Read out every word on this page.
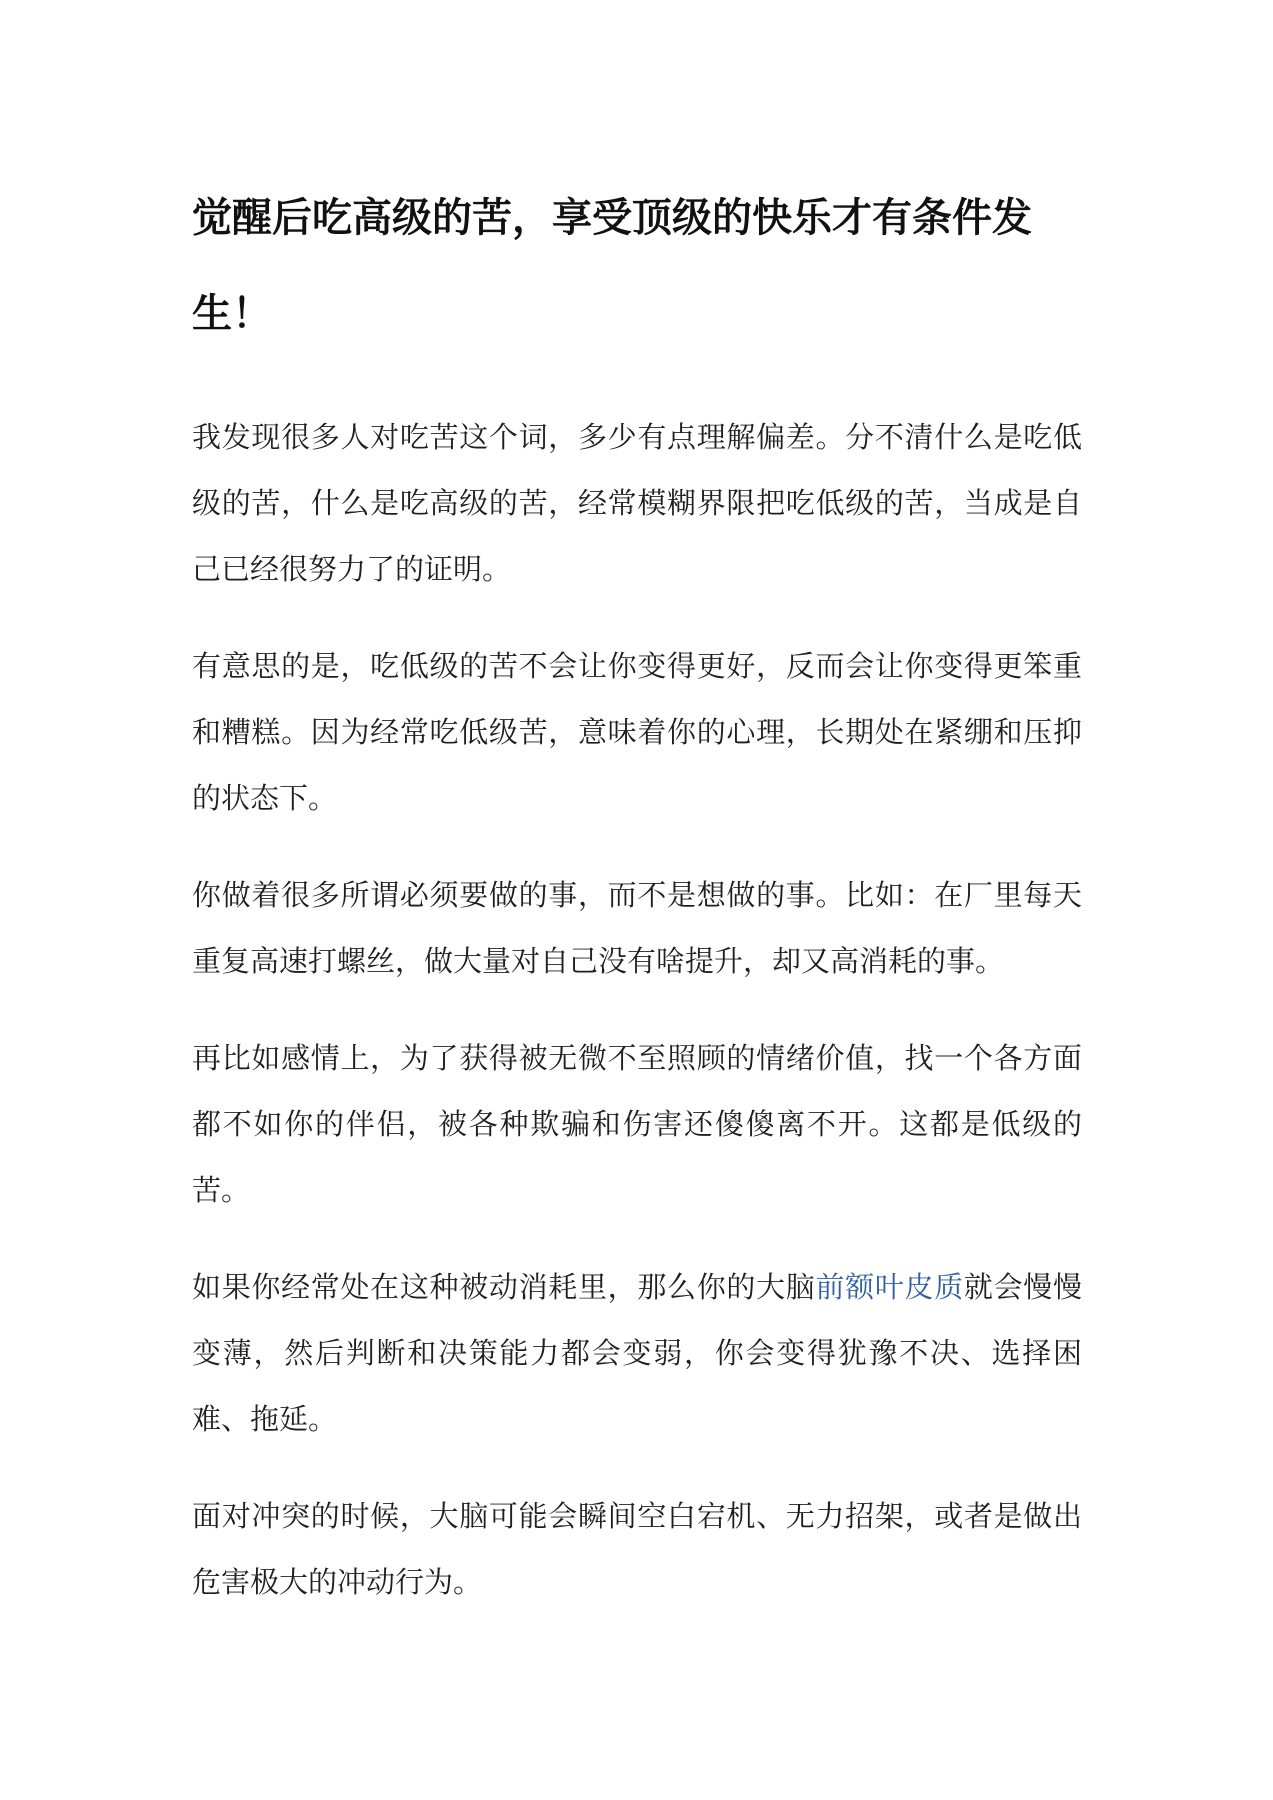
觉醒后吃高级的苦，享受顶级的快乐才有条件发生！

我发现很多人对吃苦这个词，多少有点理解偏差。分不清什么是吃低级的苦，什么是吃高级的苦，经常模糊界限把吃低级的苦，当成是自己已经很努力了的证明。

有意思的是，吃低级的苦不会让你变得更好，反而会让你变得更笨重和糟糕。因为经常吃低级苦，意味着你的心理，长期处在紧绷和压抑的状态下。

你做着很多所谓必须要做的事，而不是想做的事。比如：在厂里每天重复高速打螺丝，做大量对自己没有啥提升，却又高消耗的事。

再比如感情上，为了获得被无微不至照顾的情绪价值，找一个各方面都不如你的伴侣，被各种欺骗和伤害还傻傻离不开。这都是低级的苦。

如果你经常处在这种被动消耗里，那么你的大脑前额叶皮质就会慢慢变薄，然后判断和决策能力都会变弱，你会变得犹豫不决、选择困难、拖延。

面对冲突的时候，大脑可能会瞬间空白宕机、无力招架，或者是做出危害极大的冲动行为。
